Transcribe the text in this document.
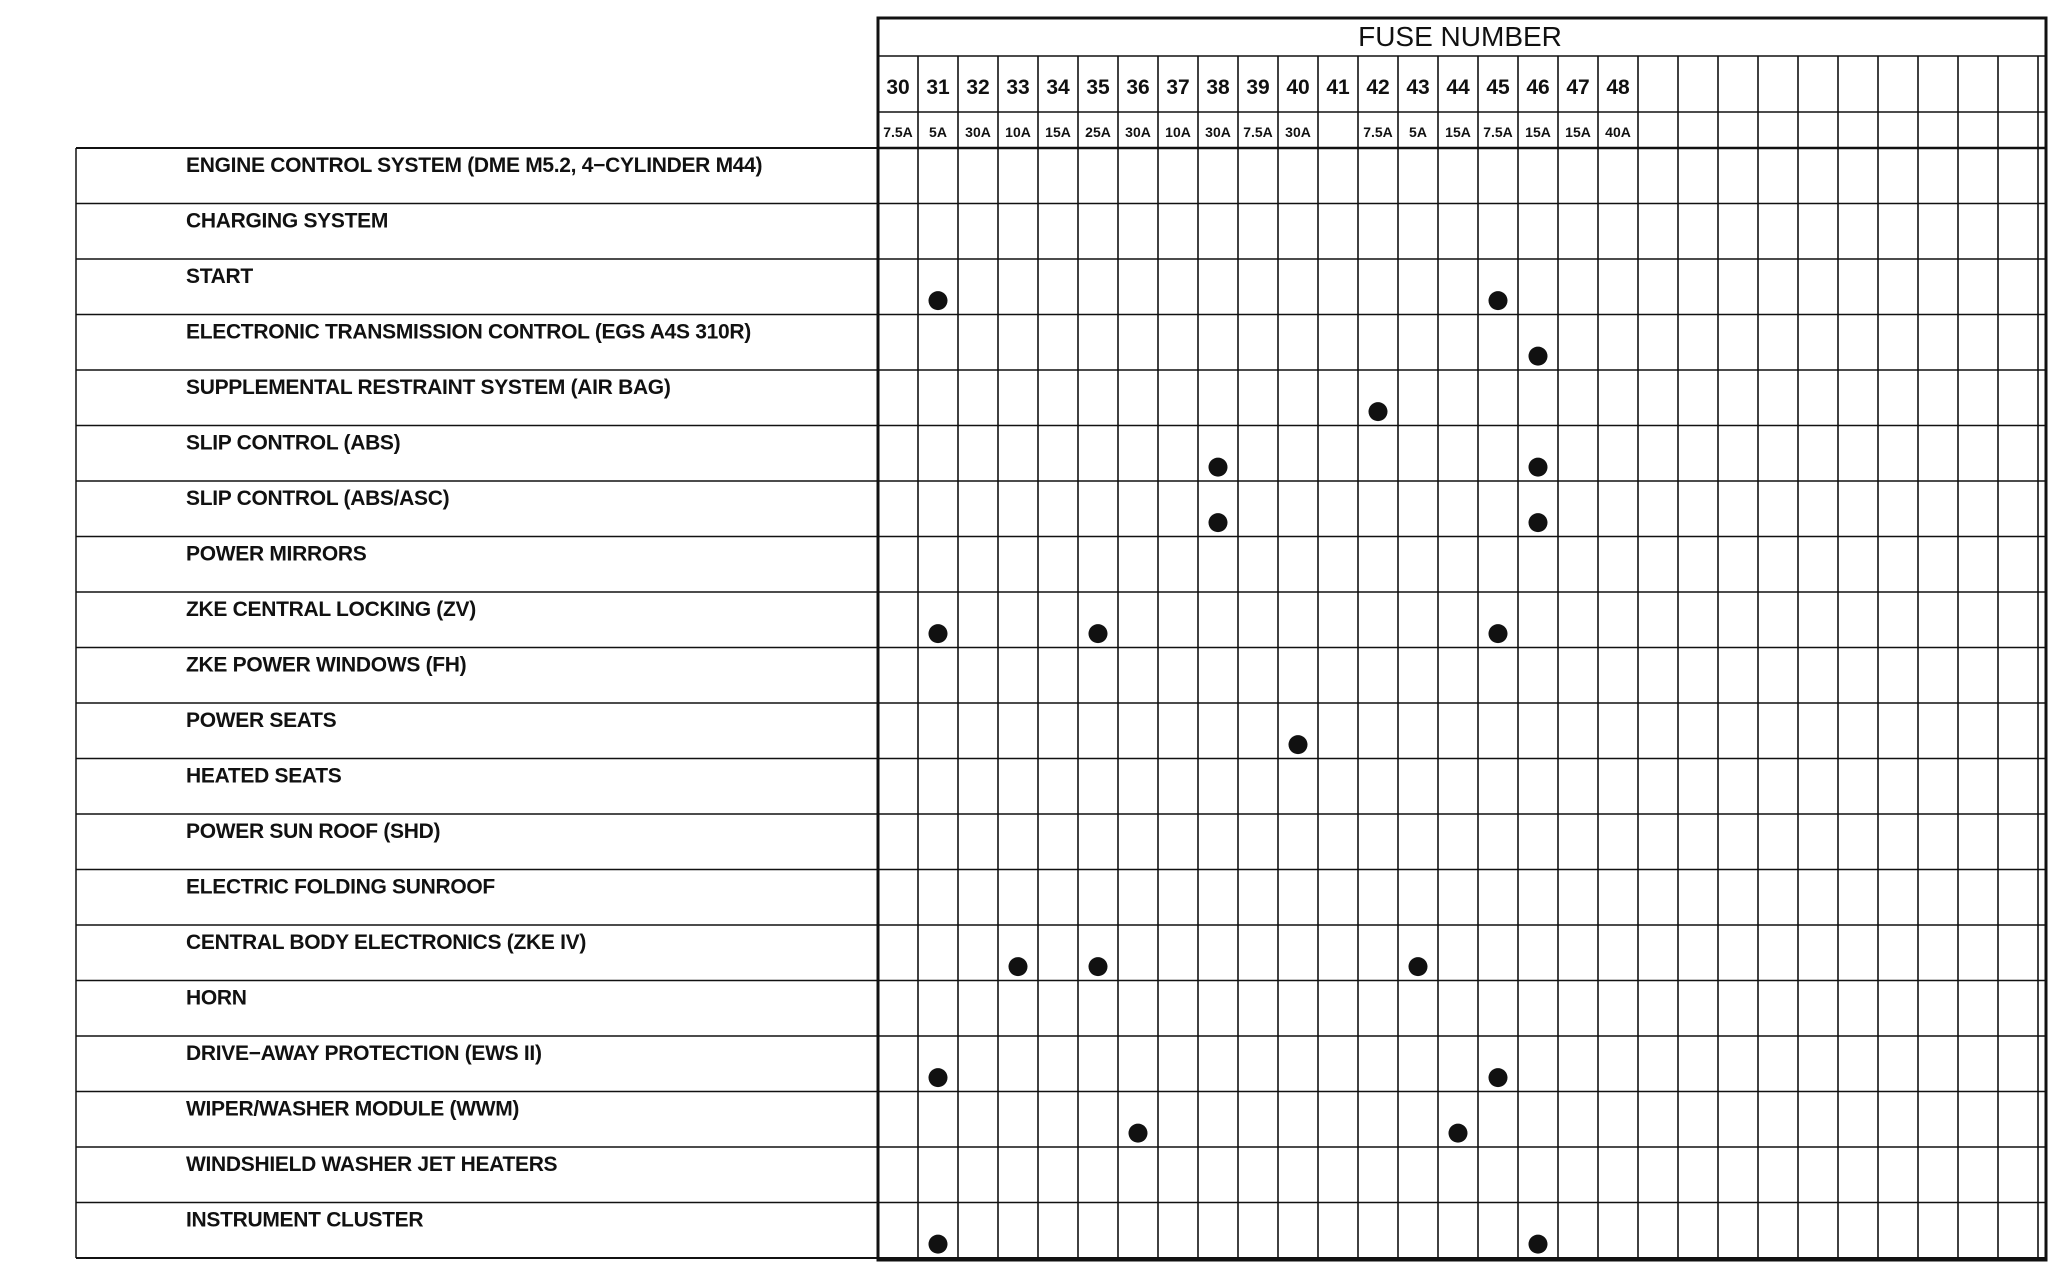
FUSE NUMBER
30
7.5A
31
5A
32
30A
33
10A
34
15A
35
25A
36
30A
37
10A
38
30A
39
7.5A
40
30A
41 42
7.5A
43
5A
44
15A
45
7.5A
46
15A
47
15A
48
40A
ENGINE CONTROL SYSTEM (DME M5.2, 4−CYLINDER M44)
CHARGING SYSTEM
START
ELECTRONIC TRANSMISSION CONTROL (EGS A4S 310R)
SUPPLEMENTAL RESTRAINT SYSTEM (AIR BAG)
SLIP CONTROL (ABS)
SLIP CONTROL (ABS/ASC)
POWER MIRRORS
ZKE CENTRAL LOCKING (ZV)
ZKE POWER WINDOWS (FH)
POWER SEATS
HEATED SEATS
POWER SUN ROOF (SHD)
ELECTRIC FOLDING SUNROOF
CENTRAL BODY ELECTRONICS (ZKE IV)
HORN
DRIVE−AWAY PROTECTION (EWS II)
WIPER/WASHER MODULE (WWM)
WINDSHIELD WASHER JET HEATERS
INSTRUMENT CLUSTER
